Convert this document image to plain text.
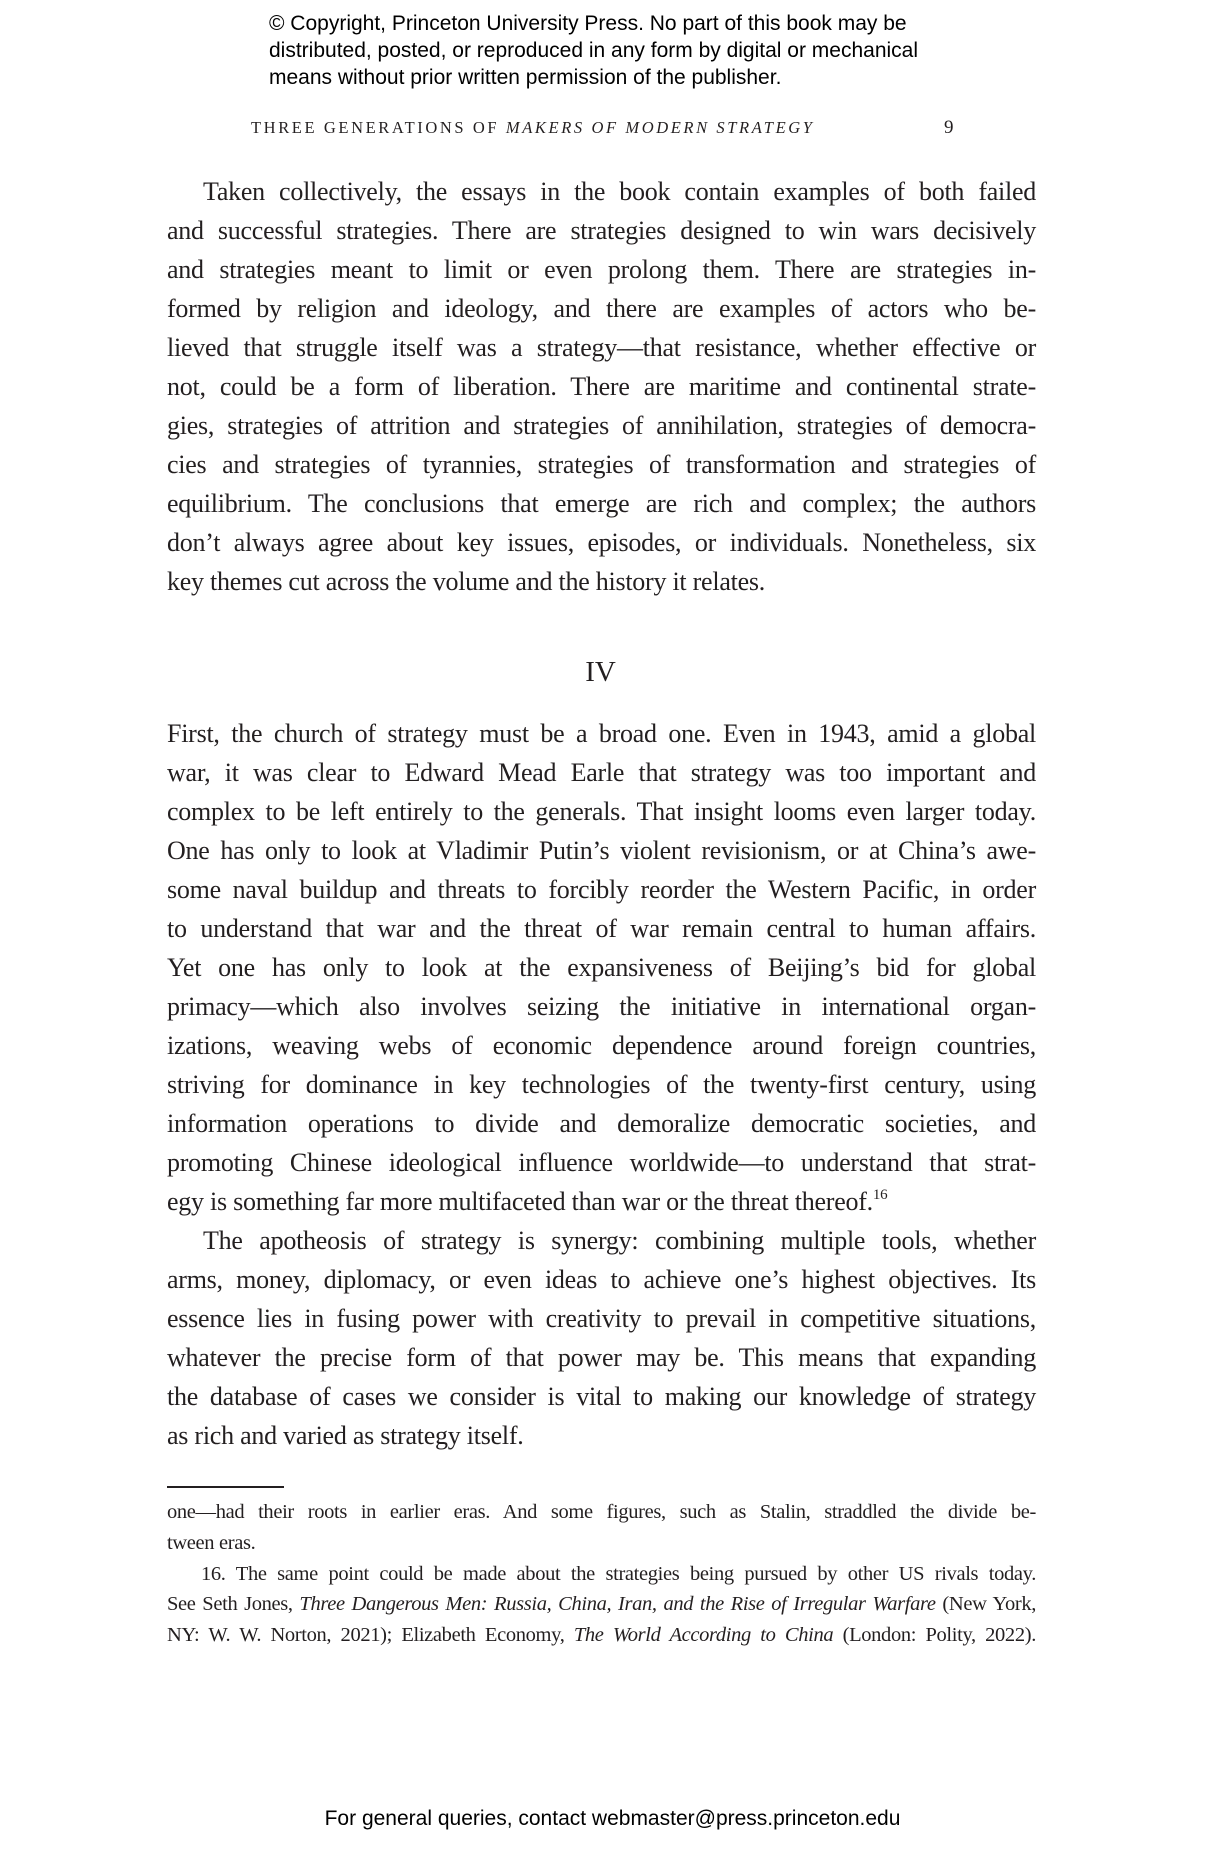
© Copyright, Princeton University Press. No part of this book may be
distributed, posted, or reproduced in any form by digital or mechanical
means without prior written permission of the publisher.
THREE GENERATIONS OF MAKERS OF MODERN STRATEGY	9
Taken collectively, the essays in the book contain examples of both failed
and successful strategies. There are strategies designed to win wars decisively
and strategies meant to limit or even prolong them. There are strategies in-
formed by religion and ideology, and there are examples of actors who be-
lieved that struggle itself was a strategy—that resistance, whether effective or
not, could be a form of liberation. There are maritime and continental strate-
gies, strategies of attrition and strategies of annihilation, strategies of democra-
cies and strategies of tyrannies, strategies of transformation and strategies of
equilibrium. The conclusions that emerge are rich and complex; the authors
don’t always agree about key issues, episodes, or individuals. Nonetheless, six
key themes cut across the volume and the history it relates.
IV
First, the church of strategy must be a broad one. Even in 1943, amid a global
war, it was clear to Edward Mead Earle that strategy was too important and
complex to be left entirely to the generals. That insight looms even larger today.
One has only to look at Vladimir Putin’s violent revisionism, or at China’s awe-
some naval buildup and threats to forcibly reorder the Western Pacific, in order
to understand that war and the threat of war remain central to human affairs.
Yet one has only to look at the expansiveness of Beijing’s bid for global
primacy—which also involves seizing the initiative in international organ-
izations, weaving webs of economic dependence around foreign countries,
striving for dominance in key technologies of the twenty-first century, using
information operations to divide and demoralize democratic societies, and
promoting Chinese ideological influence worldwide—to understand that strat-
egy is something far more multifaceted than war or the threat thereof.$^{16}$
The apotheosis of strategy is synergy: combining multiple tools, whether
arms, money, diplomacy, or even ideas to achieve one’s highest objectives. Its
essence lies in fusing power with creativity to prevail in competitive situations,
whatever the precise form of that power may be. This means that expanding
the database of cases we consider is vital to making our knowledge of strategy
as rich and varied as strategy itself.
one—had their roots in earlier eras. And some figures, such as Stalin, straddled the divide be-
tween eras.
16. The same point could be made about the strategies being pursued by other US rivals today.
See Seth Jones, Three Dangerous Men: Russia, China, Iran, and the Rise of Irregular Warfare (New York,
NY: W. W. Norton, 2021); Elizabeth Economy, The World According to China (London: Polity, 2022).
For general queries, contact webmaster@press.princeton.edu
